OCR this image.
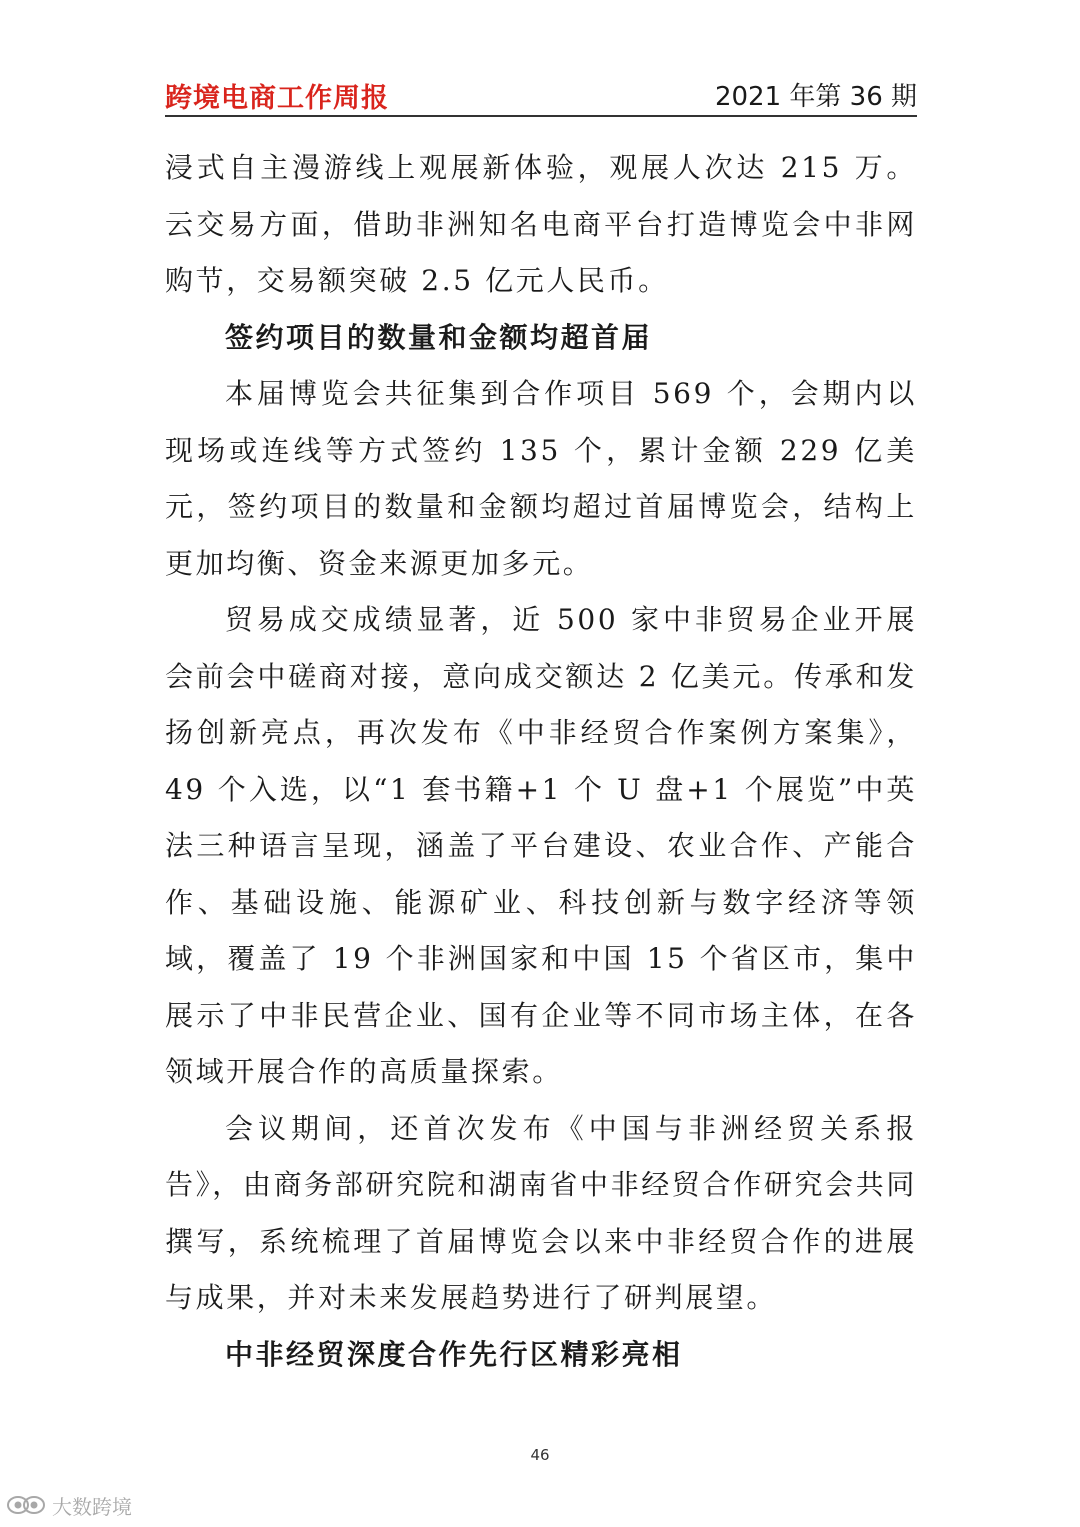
跨境电商工作周报	2021 年第 36 期

浸式自主漫游线上观展新体验，观展人次达 215 万。云交易方面，借助非洲知名电商平台打造博览会中非网购节，交易额突破 2.5 亿元人民币。

签约项目的数量和金额均超首届

本届博览会共征集到合作项目 569 个，会期内以现场或连线等方式签约 135 个，累计金额 229 亿美元，签约项目的数量和金额均超过首届博览会，结构上更加均衡、资金来源更加多元。

贸易成交成绩显著，近 500 家中非贸易企业开展会前会中磋商对接，意向成交额达 2 亿美元。传承和发扬创新亮点，再次发布《中非经贸合作案例方案集》，49 个入选，以“1 套书籍+1 个 U 盘+1 个展览”中英法三种语言呈现，涵盖了平台建设、农业合作、产能合作、基础设施、能源矿业、科技创新与数字经济等领域，覆盖了 19 个非洲国家和中国 15 个省区市，集中展示了中非民营企业、国有企业等不同市场主体，在各领域开展合作的高质量探索。

会议期间，还首次发布《中国与非洲经贸关系报告》，由商务部研究院和湖南省中非经贸合作研究会共同撰写，系统梳理了首届博览会以来中非经贸合作的进展与成果，并对未来发展趋势进行了研判展望。

中非经贸深度合作先行区精彩亮相

46
大数跨境
